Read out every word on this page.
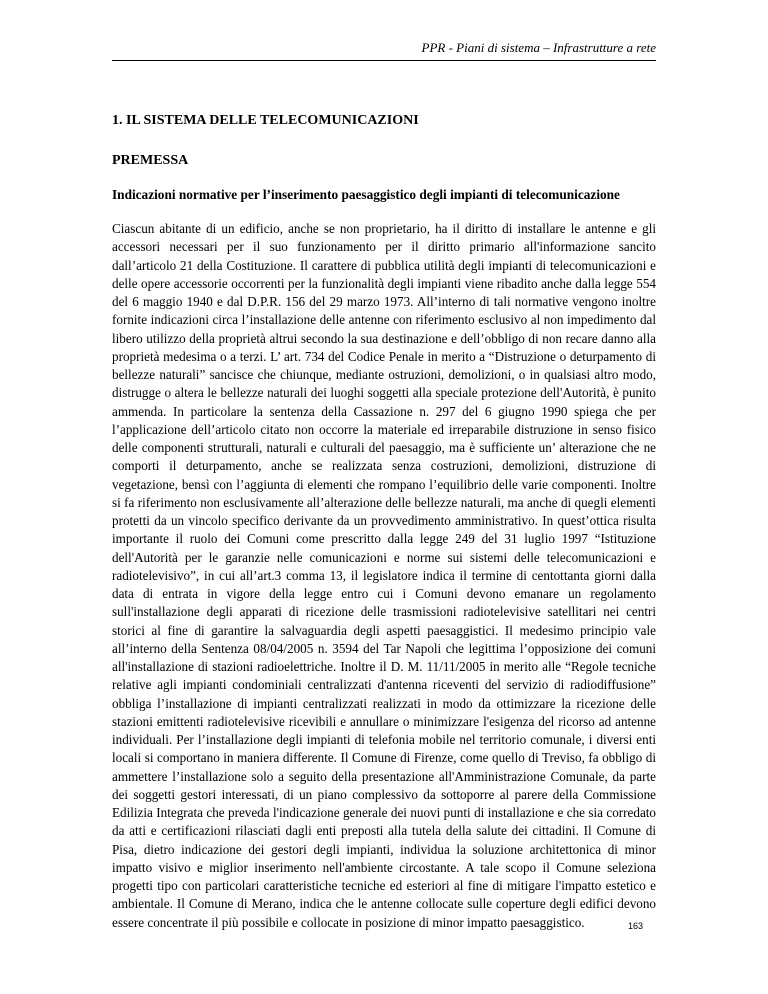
PPR - Piani di sistema – Infrastrutture a rete
1. IL SISTEMA DELLE TELECOMUNICAZIONI
PREMESSA
Indicazioni normative per l’inserimento paesaggistico degli impianti di telecomunicazione

Ciascun abitante di un edificio, anche se non proprietario, ha il diritto di installare le antenne e gli accessori necessari per il suo funzionamento per il diritto primario all'informazione sancito dall’articolo 21 della Costituzione. Il carattere di pubblica utilità degli impianti di telecomunicazioni e delle opere accessorie occorrenti per la funzionalità degli impianti viene ribadito anche dalla legge 554 del 6 maggio 1940 e dal D.P.R. 156 del 29 marzo 1973. All’interno di tali normative vengono inoltre fornite indicazioni circa l’installazione delle antenne con riferimento esclusivo al non impedimento dal libero utilizzo della proprietà altrui secondo la sua destinazione e dell’obbligo di non recare danno alla proprietà medesima o a terzi. L’ art. 734 del Codice Penale in merito a “Distruzione o deturpamento di bellezze naturali” sancisce che chiunque, mediante ostruzioni, demolizioni, o in qualsiasi altro modo, distrugge o altera le bellezze naturali dei luoghi soggetti alla speciale protezione dell'Autorità, è punito ammenda. In particolare la sentenza della Cassazione n. 297 del 6 giugno 1990 spiega che per l’applicazione dell’articolo citato non occorre la materiale ed irreparabile distruzione in senso fisico delle componenti strutturali, naturali e culturali del paesaggio, ma è sufficiente un’ alterazione che ne comporti il deturpamento, anche se realizzata senza costruzioni, demolizioni, distruzione di vegetazione, bensì con l’aggiunta di elementi che rompano l’equilibrio delle varie componenti. Inoltre si fa riferimento non esclusivamente all’alterazione delle bellezze naturali, ma anche di quegli elementi protetti da un vincolo specifico derivante da un provvedimento amministrativo. In quest’ottica risulta importante il ruolo dei Comuni come prescritto dalla legge 249 del 31 luglio 1997 “Istituzione dell'Autorità per le garanzie nelle comunicazioni e norme sui sistemi delle telecomunicazioni e radiotelevisivo”, in cui all’art.3 comma 13, il legislatore indica il termine di centottanta giorni dalla data di entrata in vigore della legge entro cui i Comuni devono emanare un regolamento sull'installazione degli apparati di ricezione delle trasmissioni radiotelevisive satellitari nei centri storici al fine di garantire la salvaguardia degli aspetti paesaggistici. Il medesimo principio vale all’interno della Sentenza 08/04/2005 n. 3594 del Tar Napoli che legittima l’opposizione dei comuni all'installazione di stazioni radioelettriche. Inoltre il D. M. 11/11/2005 in merito alle “Regole tecniche relative agli impianti condominiali centralizzati d'antenna riceventi del servizio di radiodiffusione” obbliga l’installazione di impianti centralizzati realizzati in modo da ottimizzare la ricezione delle stazioni emittenti radiotelevisive ricevibili e annullare o minimizzare l'esigenza del ricorso ad antenne individuali. Per l’installazione degli impianti di telefonia mobile nel territorio comunale, i diversi enti locali si comportano in maniera differente. Il Comune di Firenze, come quello di Treviso, fa obbligo di ammettere l’installazione solo a seguito della presentazione all'Amministrazione Comunale, da parte dei soggetti gestori interessati, di un piano complessivo da sottoporre al parere della Commissione Edilizia Integrata che preveda l'indicazione generale dei nuovi punti di installazione e che sia corredato da atti e certificazioni rilasciati dagli enti preposti alla tutela della salute dei cittadini. Il Comune di Pisa, dietro indicazione dei gestori degli impianti, individua la soluzione architettonica di minor impatto visivo e miglior inserimento nell'ambiente circostante. A tale scopo il Comune seleziona progetti tipo con particolari caratteristiche tecniche ed esteriori al fine di mitigare l'impatto estetico e ambientale. Il Comune di Merano, indica che le antenne collocate sulle coperture degli edifici devono essere concentrate il più possibile e collocate in posizione di minor impatto paesaggistico.	163
